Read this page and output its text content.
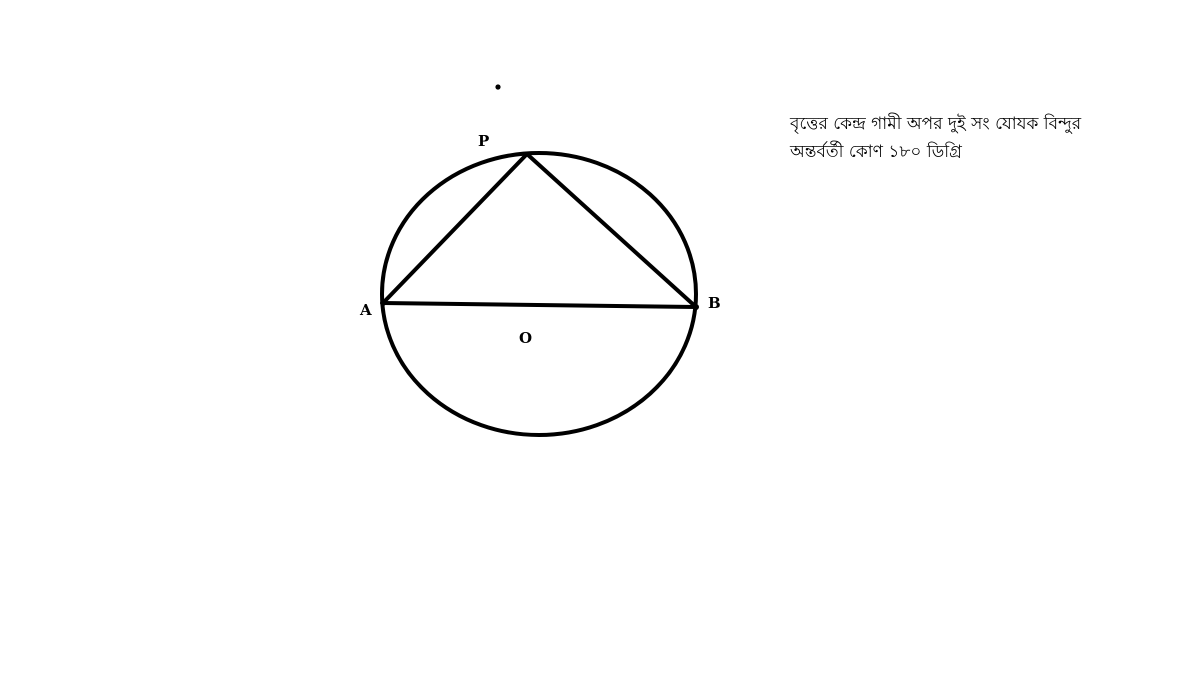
P
A	B
O
বৃত্তের কেন্দ্র গামী অপর দুই সং যোযক বিন্দুর
অন্তর্বর্তী কোণ ১৮০ ডিগ্রি
